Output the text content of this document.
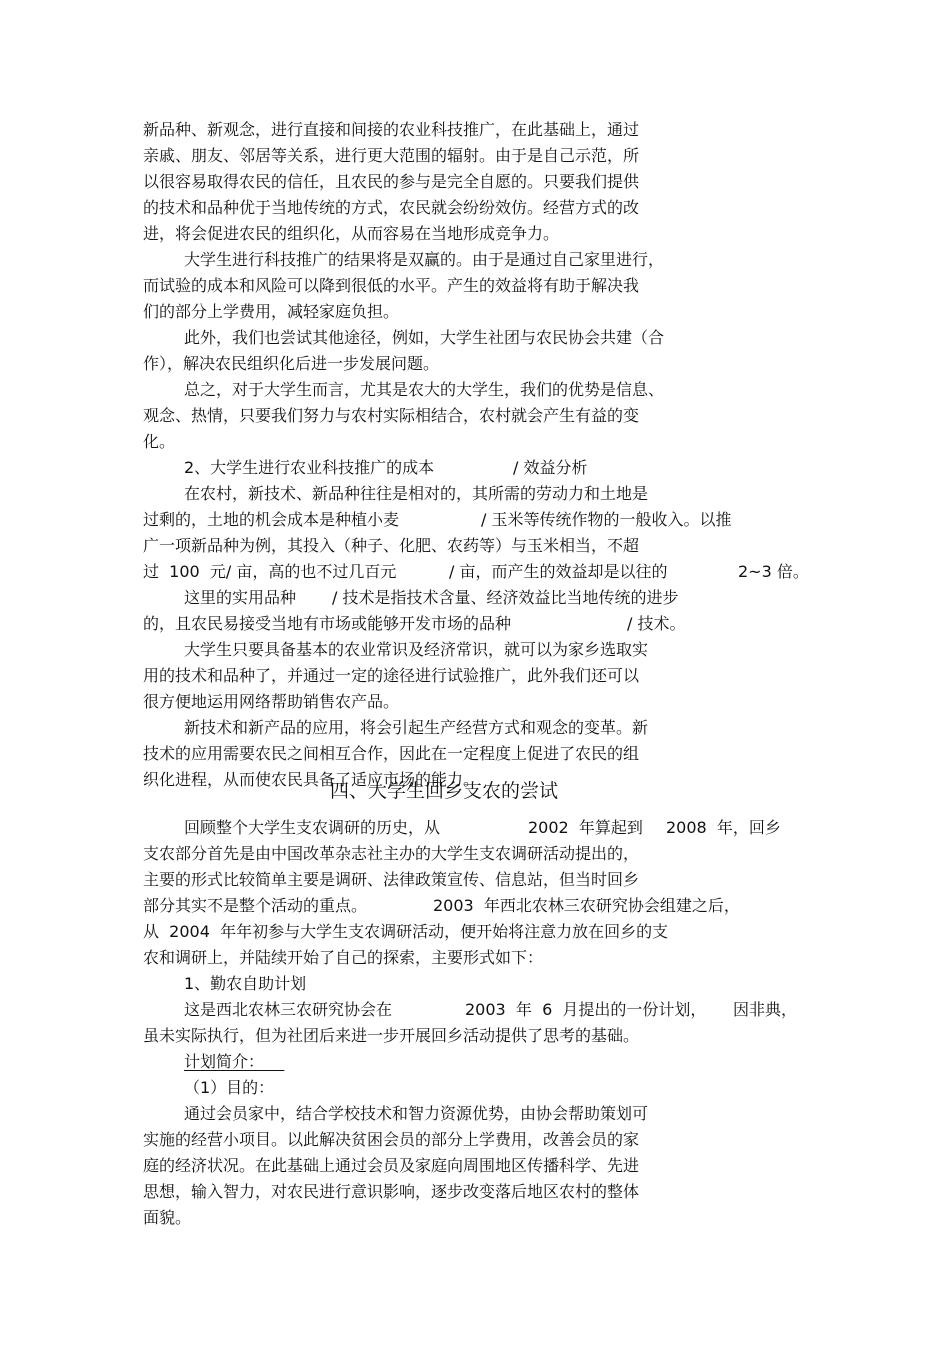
新品种、新观念，进行直接和间接的农业科技推广，在此基础上，通过
亲戚、朋友、邻居等关系，进行更大范围的辐射。由于是自己示范，所
以很容易取得农民的信任，且农民的参与是完全自愿的。只要我们提供
的技术和品种优于当地传统的方式，农民就会纷纷效仿。经营方式的改
进，将会促进农民的组织化，从而容易在当地形成竞争力。
大学生进行科技推广的结果将是双赢的。由于是通过自己家里进行，
而试验的成本和风险可以降到很低的水平。产生的效益将有助于解决我
们的部分上学费用，减轻家庭负担。
此外，我们也尝试其他途径，例如，大学生社团与农民协会共建（合
作），解决农民组织化后进一步发展问题。
总之，对于大学生而言，尤其是农大的大学生，我们的优势是信息、
观念、热情，只要我们努力与农村实际相结合，农村就会产生有益的变
化。

2、大学生进行农业科技推广的成本

	/ 效益分析

在农村，新技术、新品种往往是相对的，其所需的劳动力和土地是

过剩的，土地的机会成本是种植小麦

	/ 玉米等传统作物的一般收入。以推

广一项新品种为例，其投入（种子、化肥、农药等）与玉米相当，不超

过  100  元/ 亩，高的也不过几百元

	/ 亩，而产生的效益却是以往的

	2~3 倍。

这里的实用品种

/ 技术是指技术含量、经济效益比当地传统的进步

的，且农民易接受当地有市场或能够开发市场的品种

	/ 技术。

大学生只要具备基本的农业常识及经济常识，就可以为家乡选取实
用的技术和品种了，并通过一定的途径进行试验推广，此外我们还可以
很方便地运用网络帮助销售农产品。
新技术和新产品的应用，将会引起生产经营方式和观念的变革。新
技术的应用需要农民之间相互合作，因此在一定程度上促进了农民的组
织化进程，从而使农民具备了适应市场的能力。
四、大学生回乡支农的尝试

回顾整个大学生支农调研的历史，从

	2002  年算起到

2008  年，回乡

支农部分首先是由中国改革杂志社主办的大学生支农调研活动提出的，
主要的形式比较简单主要是调研、法律政策宣传、信息站，但当时回乡

部分其实不是整个活动的重点。

	2003  年西北农林三农研究协会组建之后，

从  2004  年年初参与大学生支农调研活动，便开始将注意力放在回乡的支
农和调研上，并陆续开始了自己的探索，主要形式如下：
1、勤农自助计划

这是西北农林三农研究协会在

	2003  年  6  月提出的一份计划，

因非典，

虽未实际执行，但为社团后来进一步开展回乡活动提供了思考的基础。
计划简介：
（1）目的：
通过会员家中，结合学校技术和智力资源优势，由协会帮助策划可
实施的经营小项目。以此解决贫困会员的部分上学费用，改善会员的家
庭的经济状况。在此基础上通过会员及家庭向周围地区传播科学、先进
思想，输入智力，对农民进行意识影响，逐步改变落后地区农村的整体
面貌。
